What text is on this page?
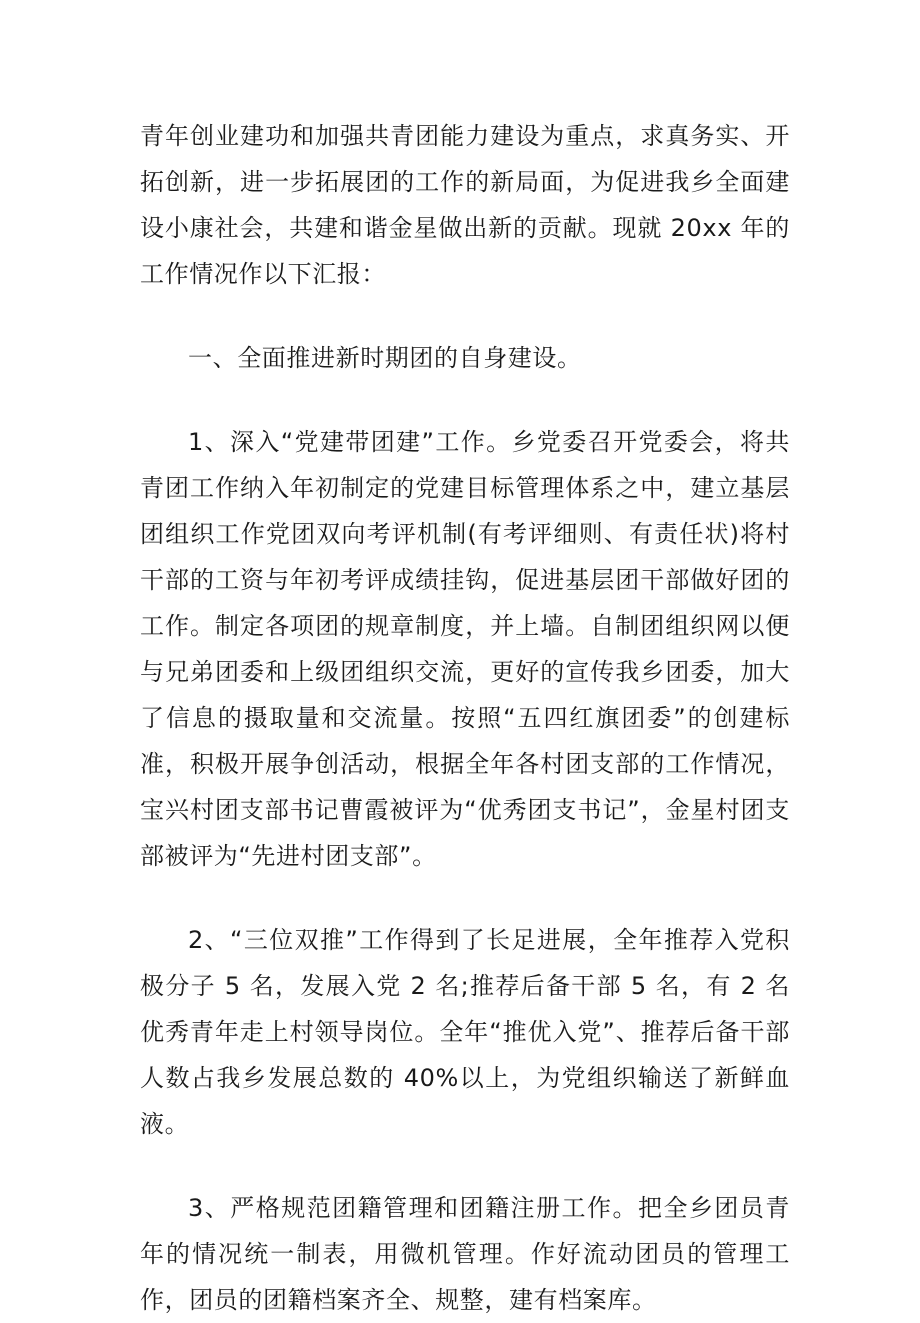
青年创业建功和加强共青团能力建设为重点，求真务实、开拓创新，进一步拓展团的工作的新局面，为促进我乡全面建设小康社会，共建和谐金星做出新的贡献。现就 20xx 年的工作情况作以下汇报：

一、全面推进新时期团的自身建设。

1、深入“党建带团建”工作。乡党委召开党委会，将共青团工作纳入年初制定的党建目标管理体系之中，建立基层团组织工作党团双向考评机制(有考评细则、有责任状)将村干部的工资与年初考评成绩挂钩，促进基层团干部做好团的工作。制定各项团的规章制度，并上墙。自制团组织网以便与兄弟团委和上级团组织交流，更好的宣传我乡团委，加大了信息的摄取量和交流量。按照“五四红旗团委”的创建标准，积极开展争创活动，根据全年各村团支部的工作情况，宝兴村团支部书记曹霞被评为“优秀团支书记”，金星村团支部被评为“先进村团支部”。

2、“三位双推”工作得到了长足进展，全年推荐入党积极分子 5 名，发展入党 2 名;推荐后备干部 5 名，有 2 名优秀青年走上村领导岗位。全年“推优入党”、推荐后备干部人数占我乡发展总数的 40%以上，为党组织输送了新鲜血液。

3、严格规范团籍管理和团籍注册工作。把全乡团员青年的情况统一制表，用微机管理。作好流动团员的管理工作，团员的团籍档案齐全、规整，建有档案库。
